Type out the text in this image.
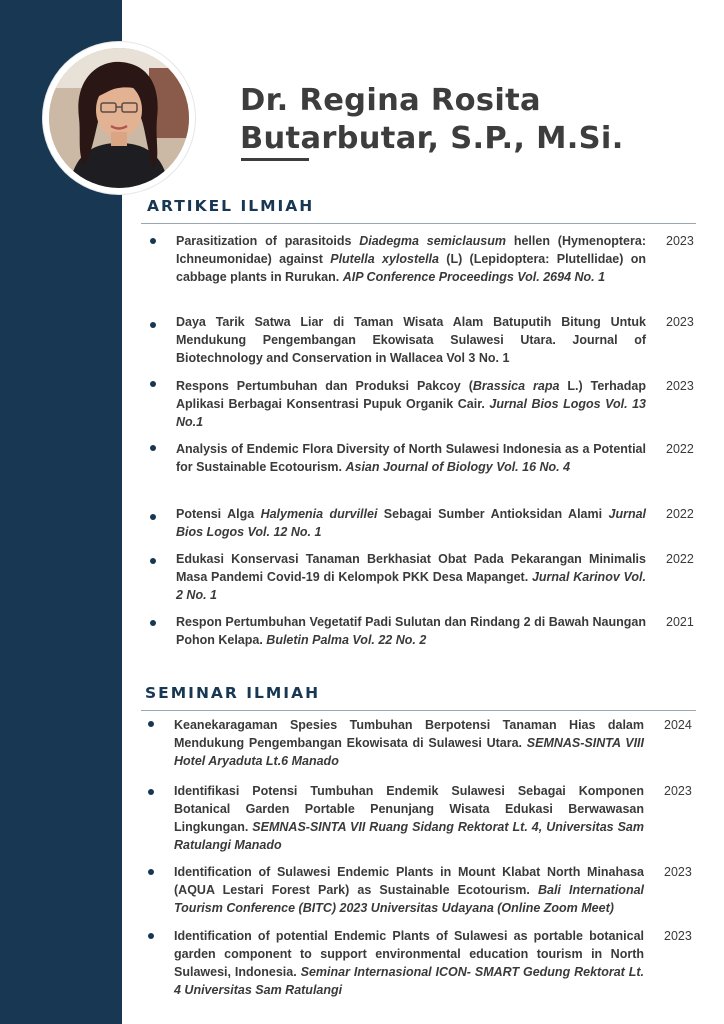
Dr. Regina Rosita
Butarbutar, S.P., M.Si.
ARTIKEL ILMIAH
Parasitization of parasitoids Diadegma semiclausum hellen (Hymenoptera: Ichneumonidae) against Plutella xylostella (L) (Lepidoptera: Plutellidae) on cabbage plants in Rurukan. AIP Conference Proceedings Vol. 2694 No. 1
2023
Daya Tarik Satwa Liar di Taman Wisata Alam Batuputih Bitung Untuk Mendukung Pengembangan Ekowisata Sulawesi Utara. Journal of Biotechnology and Conservation in Wallacea Vol 3 No. 1
2023
Respons Pertumbuhan dan Produksi Pakcoy (Brassica rapa L.) Terhadap Aplikasi Berbagai Konsentrasi Pupuk Organik Cair. Jurnal Bios Logos Vol. 13 No.1
2023
Analysis of Endemic Flora Diversity of North Sulawesi Indonesia as a Potential for Sustainable Ecotourism. Asian Journal of Biology Vol. 16 No. 4
2022
Potensi Alga Halymenia durvillei Sebagai Sumber Antioksidan Alami Jurnal Bios Logos Vol. 12 No. 1
2022
Edukasi Konservasi Tanaman Berkhasiat Obat Pada Pekarangan Minimalis Masa Pandemi Covid-19 di Kelompok PKK Desa Mapanget. Jurnal Karinov Vol. 2 No. 1
2022
Respon Pertumbuhan Vegetatif Padi Sulutan dan Rindang 2 di Bawah Naungan Pohon Kelapa. Buletin Palma Vol. 22 No. 2
2021
SEMINAR ILMIAH
Keanekaragaman Spesies Tumbuhan Berpotensi Tanaman Hias dalam Mendukung Pengembangan Ekowisata di Sulawesi Utara. SEMNAS-SINTA VIII Hotel Aryaduta Lt.6 Manado
2024
Identifikasi Potensi Tumbuhan Endemik Sulawesi Sebagai Komponen Botanical Garden Portable Penunjang Wisata Edukasi Berwawasan Lingkungan. SEMNAS-SINTA VII Ruang Sidang Rektorat Lt. 4, Universitas Sam Ratulangi Manado
2023
Identification of Sulawesi Endemic Plants in Mount Klabat North Minahasa (AQUA Lestari Forest Park) as Sustainable Ecotourism. Bali International Tourism Conference (BITC) 2023 Universitas Udayana (Online Zoom Meet)
2023
Identification of potential Endemic Plants of Sulawesi as portable botanical garden component to support environmental education tourism in North Sulawesi, Indonesia. Seminar Internasional ICON- SMART Gedung Rektorat Lt. 4 Universitas Sam Ratulangi
2023
